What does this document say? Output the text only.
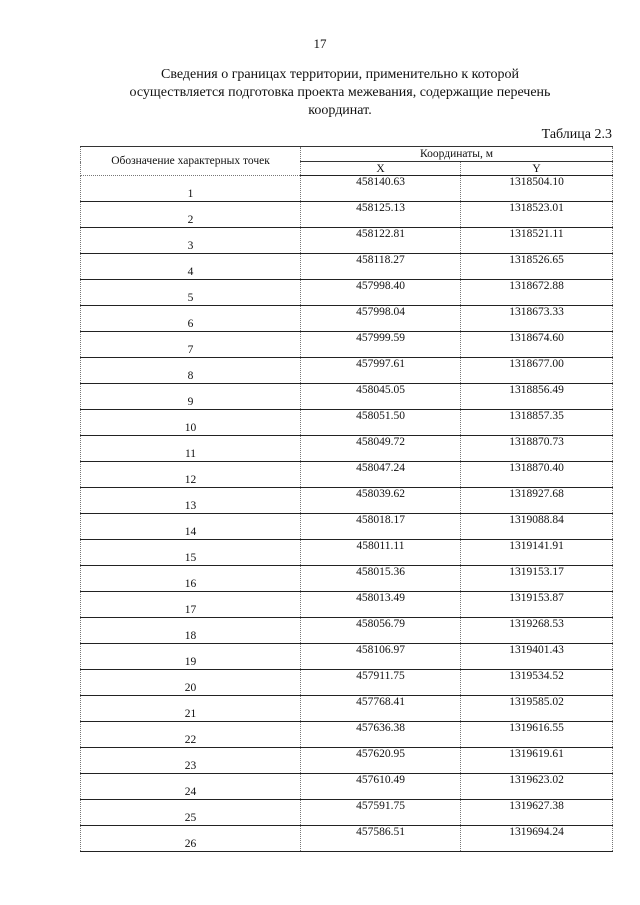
17
Сведения о границах территории, применительно к которой
осуществляется подготовка проекта межевания, содержащие перечень
координат.
Таблица 2.3
Обозначение характерных точек	Координаты, м	
	X	Y
1	458140.63	1318504.10
2	458125.13	1318523.01
3	458122.81	1318521.11
4	458118.27	1318526.65
5	457998.40	1318672.88
6	457998.04	1318673.33
7	457999.59	1318674.60
8	457997.61	1318677.00
9	458045.05	1318856.49
10	458051.50	1318857.35
11	458049.72	1318870.73
12	458047.24	1318870.40
13	458039.62	1318927.68
14	458018.17	1319088.84
15	458011.11	1319141.91
16	458015.36	1319153.17
17	458013.49	1319153.87
18	458056.79	1319268.53
19	458106.97	1319401.43
20	457911.75	1319534.52
21	457768.41	1319585.02
22	457636.38	1319616.55
23	457620.95	1319619.61
24	457610.49	1319623.02
25	457591.75	1319627.38
26	457586.51	1319694.24
